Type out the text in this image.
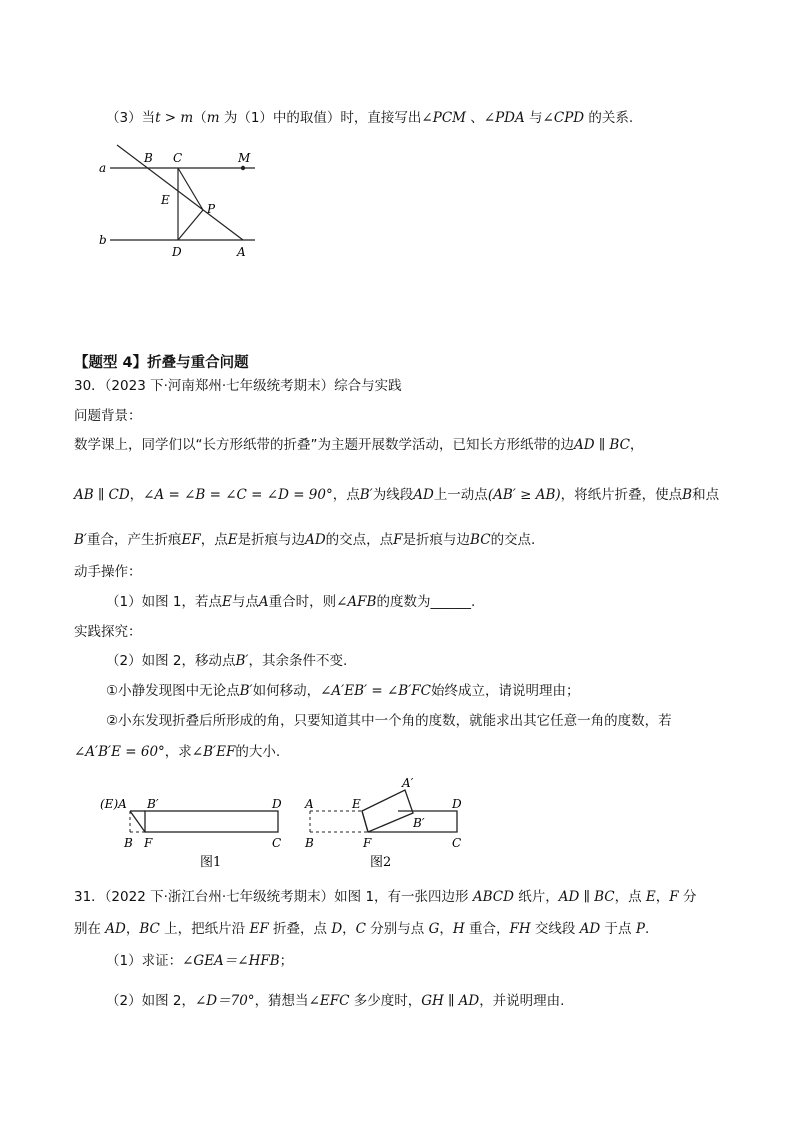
（3）当t > m（m 为（1）中的取值）时，直接写出∠PCM 、∠PDA 与∠CPD 的关系.
a
b
B C	M
E
P
D	A
【题型 4】折叠与重合问题
30．（2023 下·河南郑州·七年级统考期末）综合与实践
问题背景：
数学课上，同学们以“长方形纸带的折叠”为主题开展数学活动，已知长方形纸带的边AD ∥ BC，
AB ∥ CD，∠A = ∠B = ∠C = ∠D = 90°，点B′为线段AD上一动点(AB′ ≥ AB)，将纸片折叠，使点B和点
B′重合，产生折痕EF，点E是折痕与边AD的交点，点F是折痕与边BC的交点.
动手操作：
（1）如图 1，若点E与点A重合时，则∠AFB的度数为______.
实践探究：
（2）如图 2，移动点B′，其余条件不变.
①小静发现图中无论点B′如何移动，∠A′EB′ = ∠B′FC始终成立，请说明理由；
②小东发现折叠后所形成的角，只要知道其中一个角的度数，就能求出其它任意一角的度数，若
∠A′B′E = 60°，求∠B′EF的大小.
(E)A B′	D
B F	C
图1
A	E
A′
D
B′
B	F	C
图2
31．（2022 下·浙江台州·七年级统考期末）如图 1，有一张四边形 ABCD 纸片，AD ∥ BC，点 E，F 分
别在 AD，BC 上，把纸片沿 EF 折叠，点 D，C 分别与点 G，H 重合，FH 交线段 AD 于点 P.
（1）求证：∠GEA＝∠HFB；
（2）如图 2，∠D＝70°，猜想当∠EFC 多少度时，GH ∥ AD，并说明理由.
